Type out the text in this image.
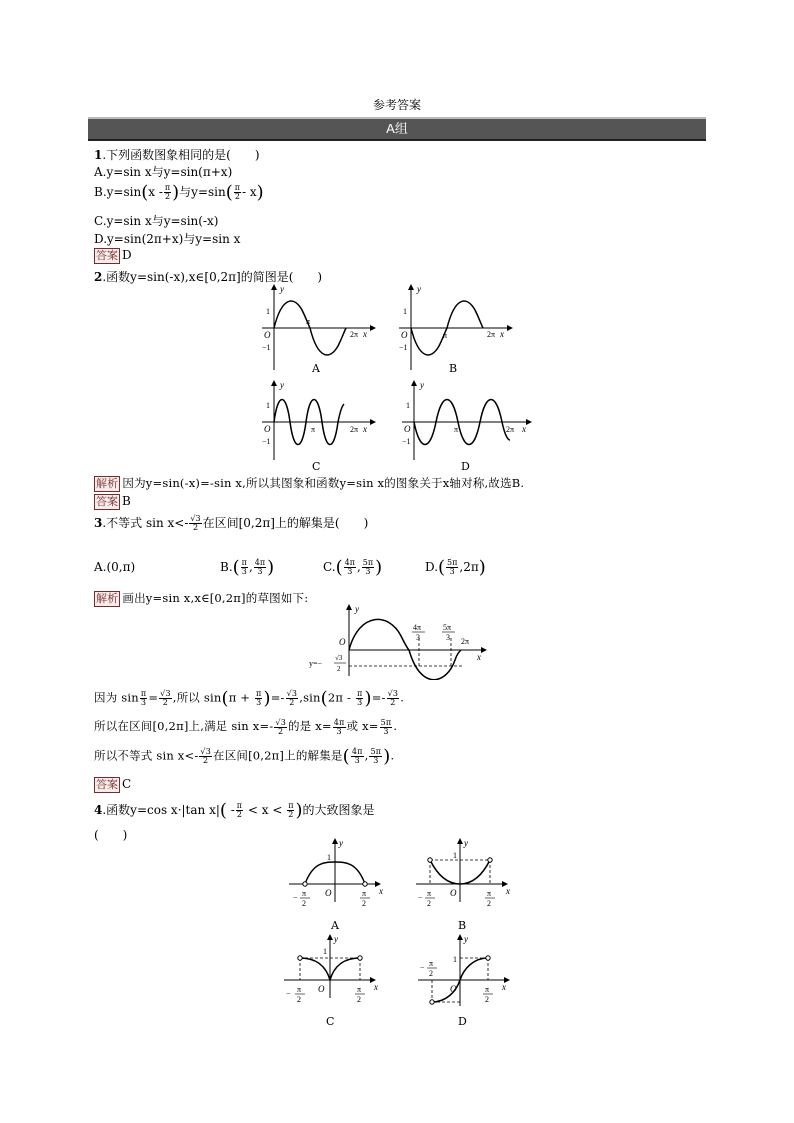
参考答案
A组
1.下列函数图象相同的是(　　)
A.y=sin x与y=sin(π+x)
$B.y=\sin(x - \frac{\pi}{2}$ )与$y=\sin( \frac{\pi}{2} - x)$
C.y=sin x与y=sin(-x)
D.y=sin(2π+x)与y=sin x
答案 D
2.函数y=sin(-x),x∈[0,2π]的简图是(　　)
y
1
−1
O
π
2π x
A
y
1
−1
O	π	2π x
B
y
1
−1
O	π	2π x
C
y
1
−1
O	π	2π x
D
解析 因为y=sin(-x)=-sin x,所以其图象和函数y=sin x的图象关于x轴对称,故选B.
答案 B
3.不等式 $\sin x<- \frac{√3}{2}$ 在区间[0,2π]上的解集是(　　)
A.(0,π)	$B.( \frac{\pi}{3}$ , $\frac{4\pi}{3}$ )	$C.( \frac{4\pi}{3}$ , $\frac{5\pi}{3}$ )	$D.( \frac{5\pi}{3} ,2\pi)$
解析 画出y=sin x,x∈[0,2π]的草图如下:
y
O
4π
3
5π
3 2π
x
y=−
√3
2
因为 $\sin \frac{\pi}{3} = \frac{√3}{2}$ ,所以 $\sin(\pi + \frac{\pi}{3}$ )=- $\frac{√3}{2} ,\sin(2\pi - \frac{\pi}{3}$ )=- $\frac{√3}{2}$ .
所以在区间[0,2π]上,满足 $\sin x=- \frac{√3}{2}$ 的是 $x= \frac{4\pi}{3}$ 或 $x= \frac{5\pi}{3}$ .
所以不等式 $\sin x<- \frac{√3}{2}$ 在区间[0,2π]上的解集是( $\frac{4\pi}{3}$ , $\frac{5\pi}{3}$ ).
答案 C
4.函数y=cos x·|tan $x|( - \frac{\pi}{2} < x < \frac{\pi}{2}$ )的大致图象是
(　　)
y
1
O	x
− π
2
π
2
A
y
1
O	x
− π
2
π
2
B
y
1
O	x
− π
2
π
2
C
y
1
O	x
− π
2
π
2
D
